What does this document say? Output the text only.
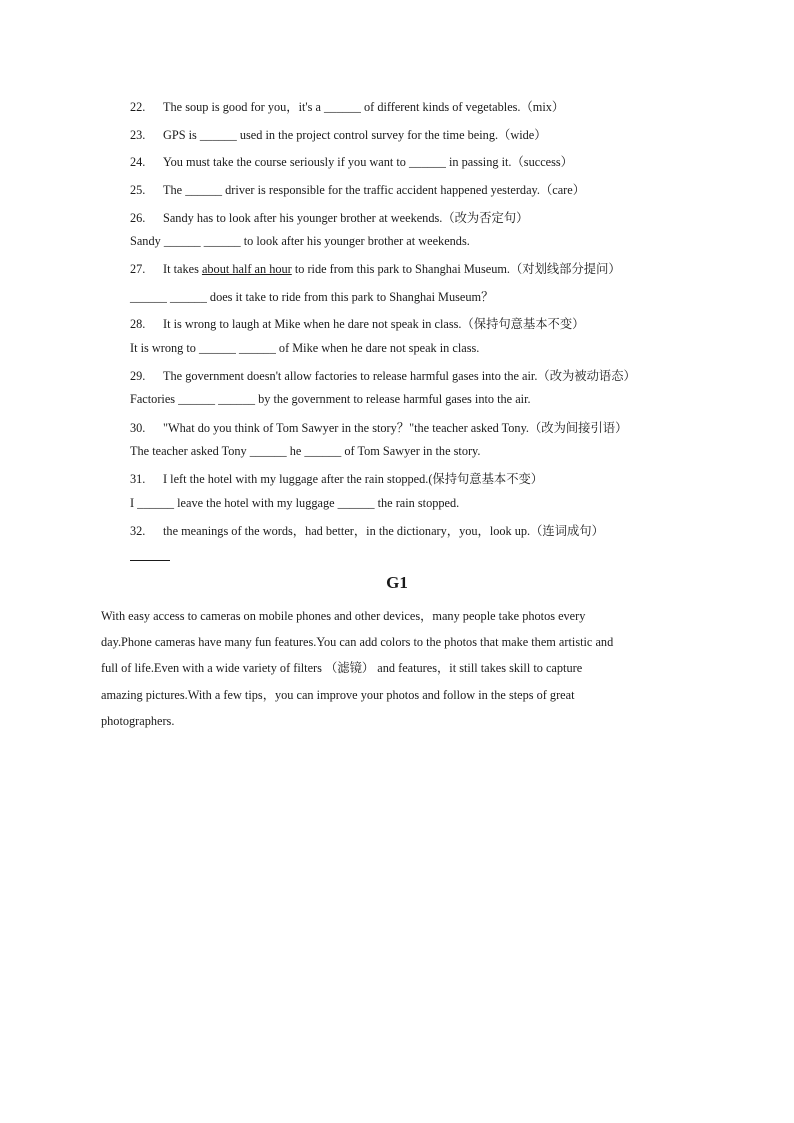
22. The soup is good for you，it's a ______ of different kinds of vegetables.（mix）
23. GPS is ______ used in the project control survey for the time being.（wide）
24. You must take the course seriously if you want to ______ in passing it.（success）
25. The ______ driver is responsible for the traffic accident happened yesterday.（care）
26. Sandy has to look after his younger brother at weekends.（改为否定句）
Sandy ______ ______ to look after his younger brother at weekends.
27. It takes about half an hour to ride from this park to Shanghai Museum.（对划线部分提问）
______ ______ does it take to ride from this park to Shanghai Museum？
28. It is wrong to laugh at Mike when he dare not speak in class.（保持句意基本不变）
It is wrong to ______ ______ of Mike when he dare not speak in class.
29. The government doesn't allow factories to release harmful gases into the air.（改为被动语态）
Factories ______ ______ by the government to release harmful gases into the air.
30. "What do you think of Tom Sawyer in the story？"the teacher asked Tony.（改为间接引语）
The teacher asked Tony ______ he ______ of Tom Sawyer in the story.
31. I left the hotel with my luggage after the rain stopped.(保持句意基本不变）
I ______ leave the hotel with my luggage ______ the rain stopped.
32. the meanings of the words，had better，in the dictionary，you，look up.（连词成句）
G1
With easy access to cameras on mobile phones and other devices，many people take photos every
day.Phone cameras have many fun features.You can add colors to the photos that make them artistic and
full of life.Even with a wide variety of filters （滤镜） and features，it still takes skill to capture
amazing pictures.With a few tips，you can improve your photos and follow in the steps of great
photographers.
